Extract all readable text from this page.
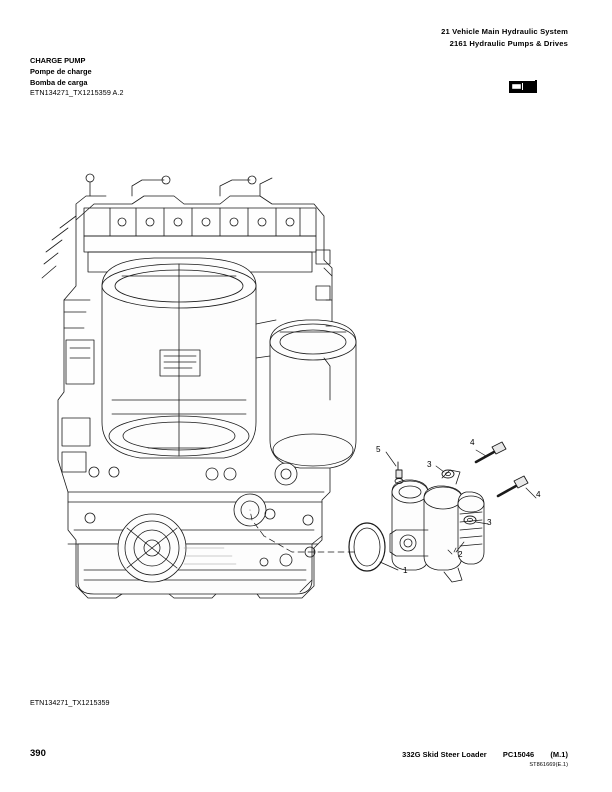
21 Vehicle Main Hydraulic System
2161 Hydraulic Pumps & Drives
CHARGE PUMP
Pompe de charge
Bomba de carga
ETN134271_TX1215359 A.2
5
4
3
4
3
2
1
ETN134271_TX1215359
390	332G Skid Steer Loader PC15046 (M.1)
ST861669(E.1)
